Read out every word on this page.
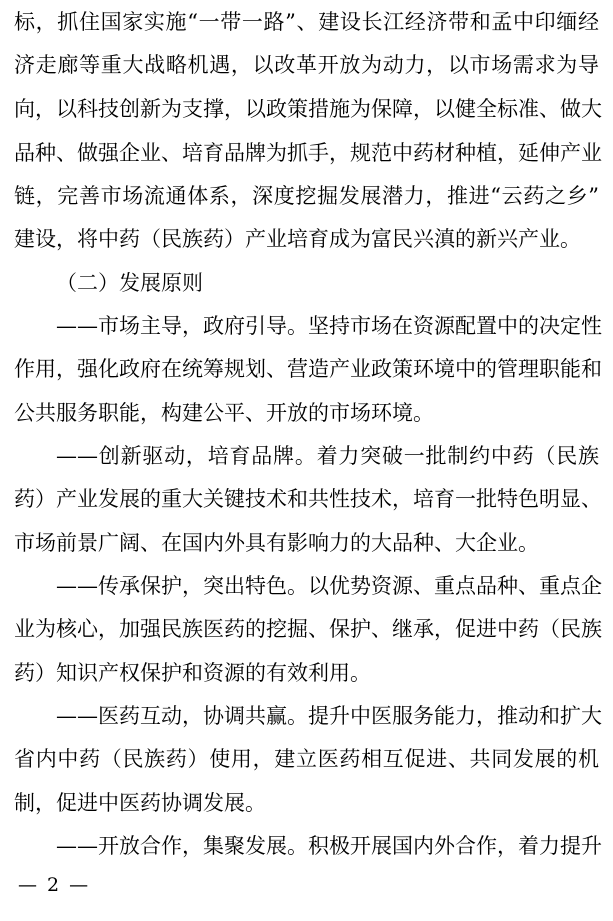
标，抓住国家实施“一带一路”、建设长江经济带和孟中印缅经
济走廊等重大战略机遇，以改革开放为动力，以市场需求为导
向，以科技创新为支撑，以政策措施为保障，以健全标准、做大
品种、做强企业、培育品牌为抓手，规范中药材种植，延伸产业
链，完善市场流通体系，深度挖掘发展潜力，推进“云药之乡”
建设，将中药（民族药）产业培育成为富民兴滇的新兴产业。
（二）发展原则
——市场主导，政府引导。坚持市场在资源配置中的决定性
作用，强化政府在统筹规划、营造产业政策环境中的管理职能和
公共服务职能，构建公平、开放的市场环境。
——创新驱动，培育品牌。着力突破一批制约中药（民族
药）产业发展的重大关键技术和共性技术，培育一批特色明显、
市场前景广阔、在国内外具有影响力的大品种、大企业。
——传承保护，突出特色。以优势资源、重点品种、重点企
业为核心，加强民族医药的挖掘、保护、继承，促进中药（民族
药）知识产权保护和资源的有效利用。
——医药互动，协调共赢。提升中医服务能力，推动和扩大
省内中药（民族药）使用，建立医药相互促进、共同发展的机
制，促进中医药协调发展。
——开放合作，集聚发展。积极开展国内外合作，着力提升
— 2 —
